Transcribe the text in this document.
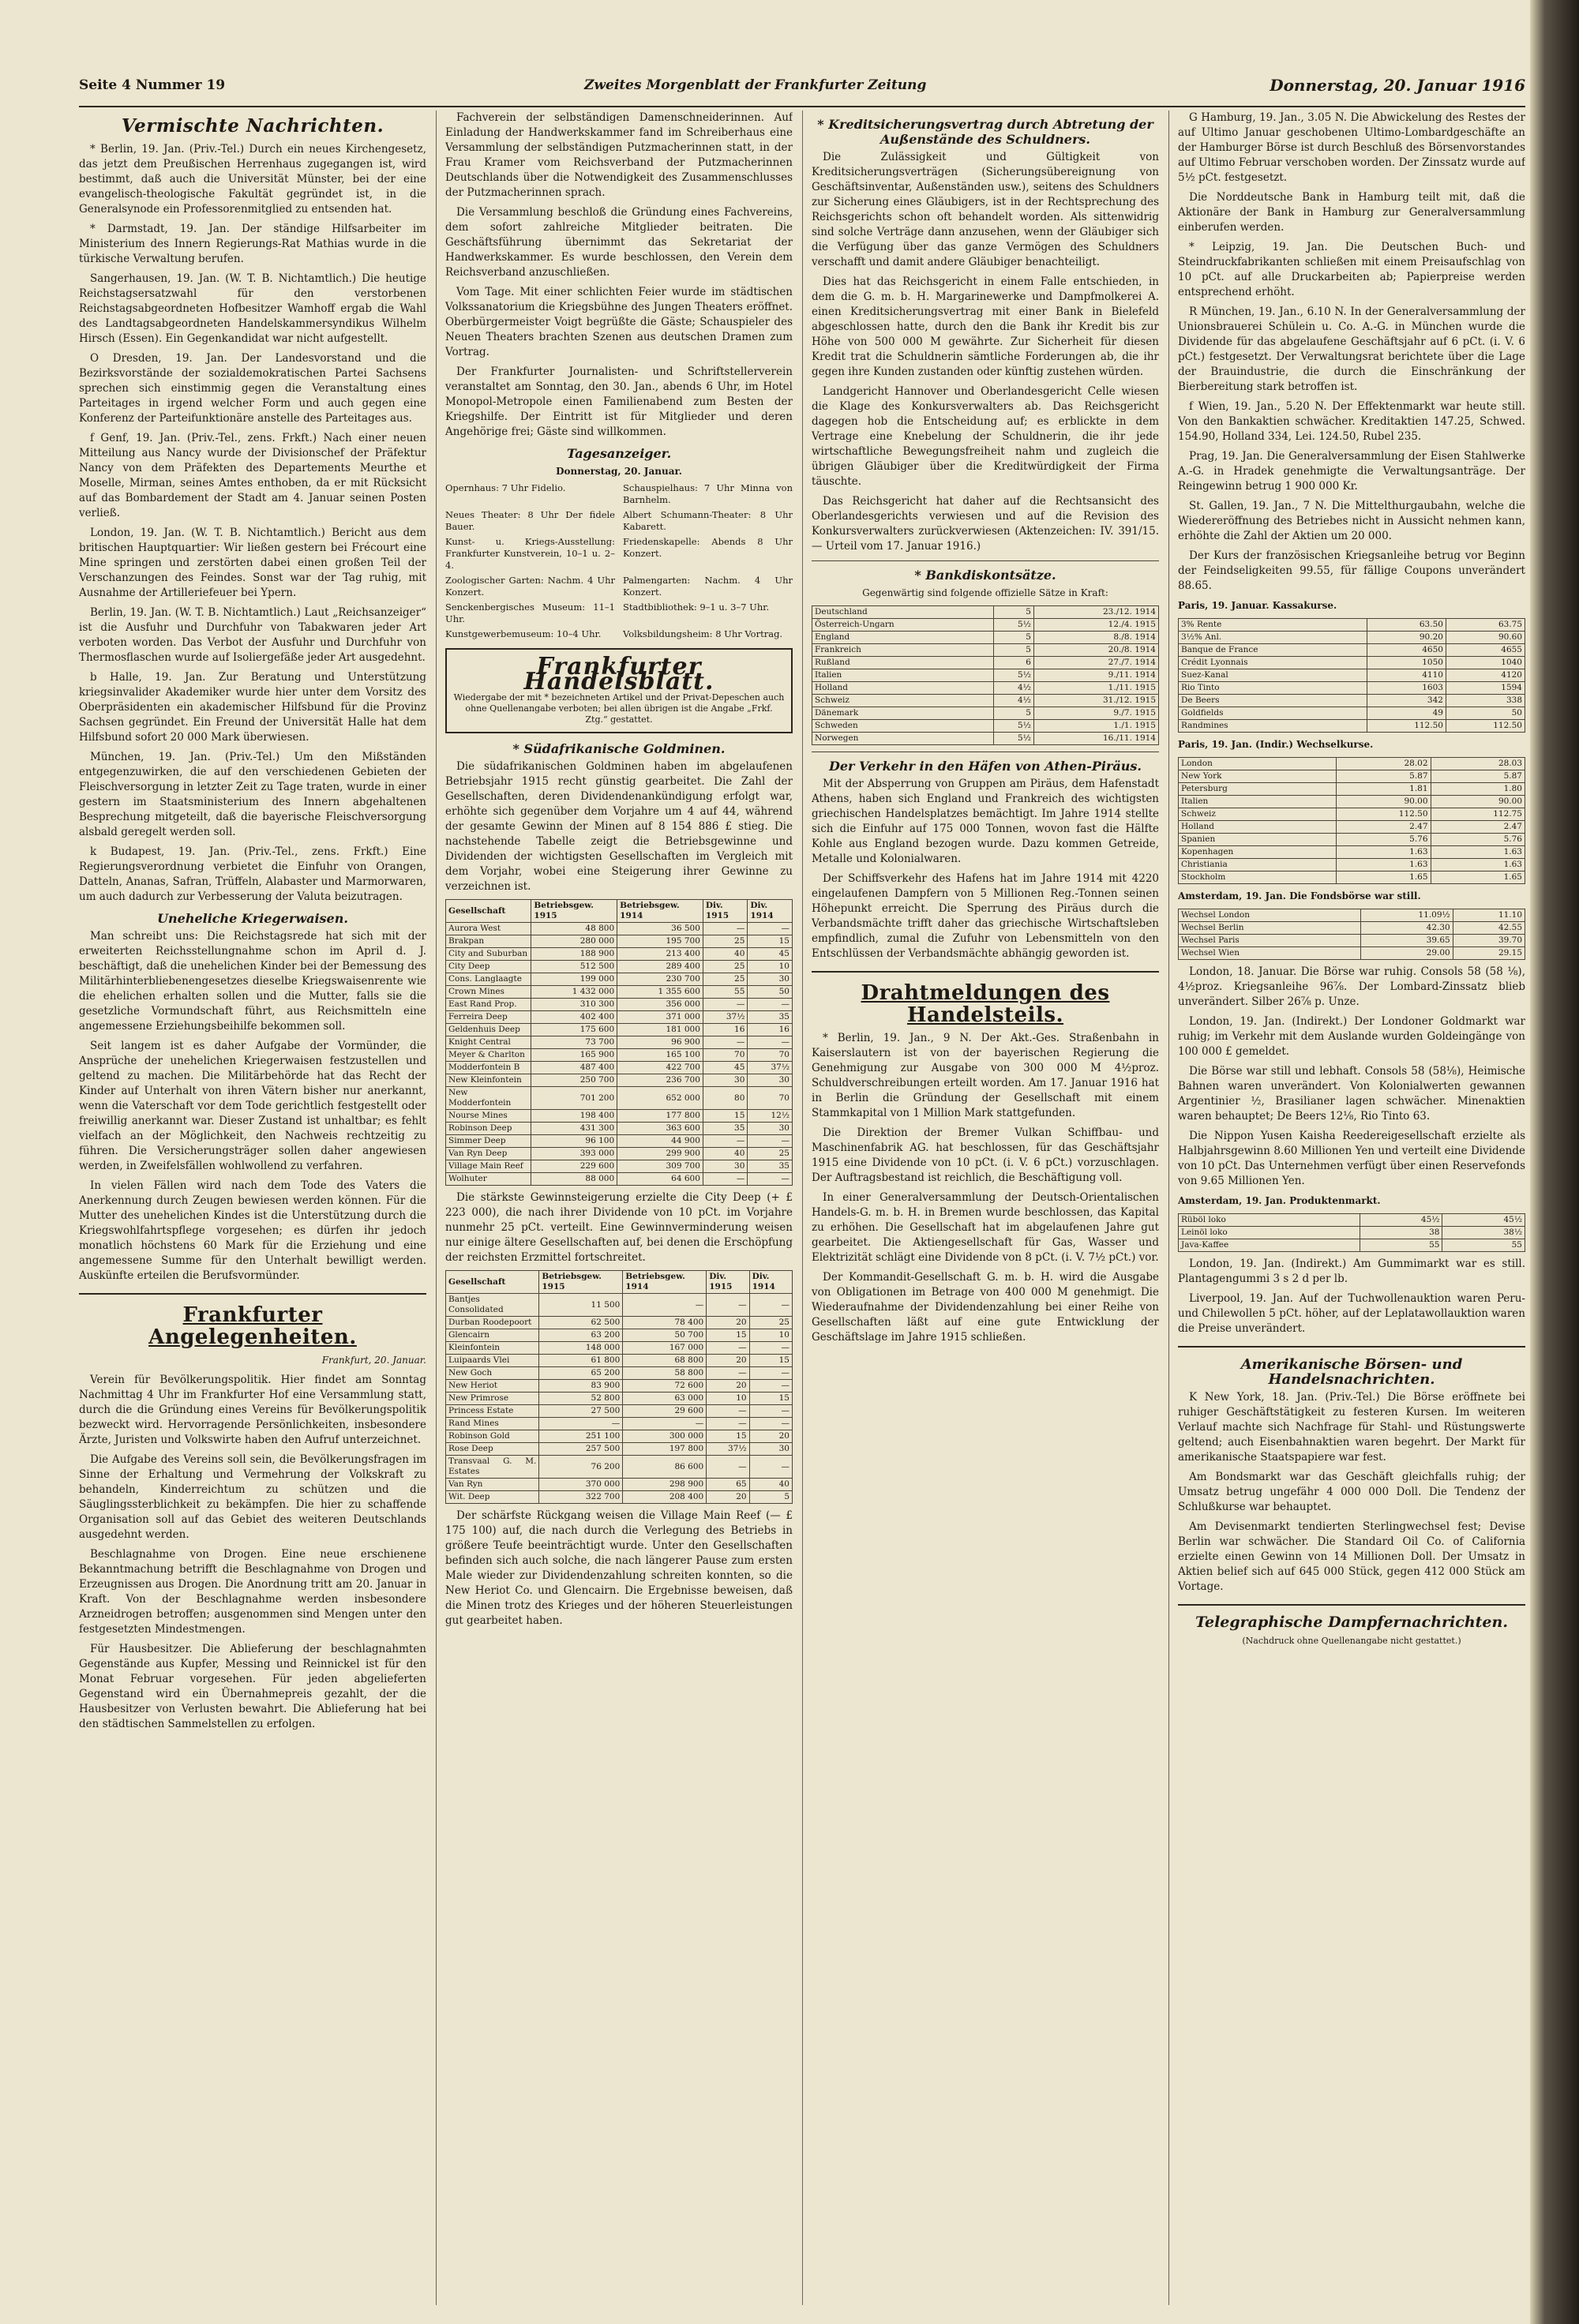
Seite 4 Nummer 19	Zweites Morgenblatt der Frankfurter Zeitung	Donnerstag, 20. Januar 1916
Vermischte Nachrichten.

* Berlin, 19. Jan. (Priv.-Tel.) Durch ein neues Kirchengesetz, das jetzt dem Preußischen Herrenhaus zugegangen ist, wird bestimmt, daß auch die Universität Münster, bei der eine evangelisch-theologische Fakultät gegründet ist, in die Generalsynode ein Professorenmitglied zu entsenden hat.

* Darmstadt, 19. Jan. Der ständige Hilfsarbeiter im Ministerium des Innern Regierungs-Rat Mathias wurde in die türkische Verwaltung berufen.

Sangerhausen, 19. Jan. (W. T. B. Nichtamtlich.) Die heutige Reichstagsersatzwahl für den verstorbenen Reichstagsabgeordneten Hofbesitzer Wamhoff ergab die Wahl des Landtagsabgeordneten Handelskammersyndikus Wilhelm Hirsch (Essen). Ein Gegenkandidat war nicht aufgestellt.

O Dresden, 19. Jan. Der Landesvorstand und die Bezirksvorstände der sozialdemokratischen Partei Sachsens sprechen sich einstimmig gegen die Veranstaltung eines Parteitages in irgend welcher Form und auch gegen eine Konferenz der Parteifunktionäre anstelle des Parteitages aus.

f Genf, 19. Jan. (Priv.-Tel., zens. Frkft.) Nach einer neuen Mitteilung aus Nancy wurde der Divisionschef der Präfektur Nancy von dem Präfekten des Departements Meurthe et Moselle, Mirman, seines Amtes enthoben, da er mit Rücksicht auf das Bombardement der Stadt am 4. Januar seinen Posten verließ.

London, 19. Jan. (W. T. B. Nichtamtlich.) Bericht aus dem britischen Hauptquartier: Wir ließen gestern bei Frécourt eine Mine springen und zerstörten dabei einen großen Teil der Verschanzungen des Feindes. Sonst war der Tag ruhig, mit Ausnahme der Artilleriefeuer bei Ypern.

Berlin, 19. Jan. (W. T. B. Nichtamtlich.) Laut „Reichsanzeiger“ ist die Ausfuhr und Durchfuhr von Tabakwaren jeder Art verboten worden. Das Verbot der Ausfuhr und Durchfuhr von Thermosflaschen wurde auf Isoliergefäße jeder Art ausgedehnt.

b Halle, 19. Jan. Zur Beratung und Unterstützung kriegsinvalider Akademiker wurde hier unter dem Vorsitz des Oberpräsidenten ein akademischer Hilfsbund für die Provinz Sachsen gegründet. Ein Freund der Universität Halle hat dem Hilfsbund sofort 20 000 Mark überwiesen.

München, 19. Jan. (Priv.-Tel.) Um den Mißständen entgegenzuwirken, die auf den verschiedenen Gebieten der Fleischversorgung in letzter Zeit zu Tage traten, wurde in einer gestern im Staatsministerium des Innern abgehaltenen Besprechung mitgeteilt, daß die bayerische Fleischversorgung alsbald geregelt werden soll.

k Budapest, 19. Jan. (Priv.-Tel., zens. Frkft.) Eine Regierungsverordnung verbietet die Einfuhr von Orangen, Datteln, Ananas, Safran, Trüffeln, Alabaster und Marmorwaren, um auch dadurch zur Verbesserung der Valuta beizutragen.

Uneheliche Kriegerwaisen.

Man schreibt uns: Die Reichstagsrede hat sich mit der erweiterten Reichsstellungnahme schon im April d. J. beschäftigt, daß die unehelichen Kinder bei der Bemessung des Militärhinterbliebenengesetzes dieselbe Kriegswaisenrente wie die ehelichen erhalten sollen und die Mutter, falls sie die gesetzliche Vormundschaft führt, aus Reichsmitteln eine angemessene Erziehungsbeihilfe bekommen soll.

Seit langem ist es daher Aufgabe der Vormünder, die Ansprüche der unehelichen Kriegerwaisen festzustellen und geltend zu machen. Die Militärbehörde hat das Recht der Kinder auf Unterhalt von ihren Vätern bisher nur anerkannt, wenn die Vaterschaft vor dem Tode gerichtlich festgestellt oder freiwillig anerkannt war. Dieser Zustand ist unhaltbar; es fehlt vielfach an der Möglichkeit, den Nachweis rechtzeitig zu führen. Die Versicherungsträger sollen daher angewiesen werden, in Zweifelsfällen wohlwollend zu verfahren.

In vielen Fällen wird nach dem Tode des Vaters die Anerkennung durch Zeugen bewiesen werden können. Für die Mutter des unehelichen Kindes ist die Unterstützung durch die Kriegswohlfahrtspflege vorgesehen; es dürfen ihr jedoch monatlich höchstens 60 Mark für die Erziehung und eine angemessene Summe für den Unterhalt bewilligt werden. Auskünfte erteilen die Berufsvormünder.

Frankfurter Angelegenheiten.
Frankfurt, 20. Januar.

Verein für Bevölkerungspolitik. Hier findet am Sonntag Nachmittag 4 Uhr im Frankfurter Hof eine Versammlung statt, durch die die Gründung eines Vereins für Bevölkerungspolitik bezweckt wird. Hervorragende Persönlichkeiten, insbesondere Ärzte, Juristen und Volkswirte haben den Aufruf unterzeichnet.

Die Aufgabe des Vereins soll sein, die Bevölkerungsfragen im Sinne der Erhaltung und Vermehrung der Volkskraft zu behandeln, Kinderreichtum zu schützen und die Säuglingssterblichkeit zu bekämpfen. Die hier zu schaffende Organisation soll auf das Gebiet des weiteren Deutschlands ausgedehnt werden.

Beschlagnahme von Drogen. Eine neue erschienene Bekanntmachung betrifft die Beschlagnahme von Drogen und Erzeugnissen aus Drogen. Die Anordnung tritt am 20. Januar in Kraft. Von der Beschlagnahme werden insbesondere Arzneidrogen betroffen; ausgenommen sind Mengen unter den festgesetzten Mindestmengen.

Für Hausbesitzer. Die Ablieferung der beschlagnahmten Gegenstände aus Kupfer, Messing und Reinnickel ist für den Monat Februar vorgesehen. Für jeden abgelieferten Gegenstand wird ein Übernahmepreis gezahlt, der die Hausbesitzer von Verlusten bewahrt. Die Ablieferung hat bei den städtischen Sammelstellen zu erfolgen.

Fachverein der selbständigen Damenschneiderinnen. Auf Einladung der Handwerkskammer fand im Schreiberhaus eine Versammlung der selbständigen Putzmacherinnen statt, in der Frau Kramer vom Reichsverband der Putzmacherinnen Deutschlands über die Notwendigkeit des Zusammenschlusses der Putzmacherinnen sprach.

Die Versammlung beschloß die Gründung eines Fachvereins, dem sofort zahlreiche Mitglieder beitraten. Die Geschäftsführung übernimmt das Sekretariat der Handwerkskammer. Es wurde beschlossen, den Verein dem Reichsverband anzuschließen.

Vom Tage. Mit einer schlichten Feier wurde im städtischen Volkssanatorium die Kriegsbühne des Jungen Theaters eröffnet. Oberbürgermeister Voigt begrüßte die Gäste; Schauspieler des Neuen Theaters brachten Szenen aus deutschen Dramen zum Vortrag.

Der Frankfurter Journalisten- und Schriftstellerverein veranstaltet am Sonntag, den 30. Jan., abends 6 Uhr, im Hotel Monopol-Metropole einen Familienabend zum Besten der Kriegshilfe. Der Eintritt ist für Mitglieder und deren Angehörige frei; Gäste sind willkommen.

Tagesanzeiger.
Donnerstag, 20. Januar.
Opernhaus: 7 Uhr Fidelio.	Schauspielhaus: 7 Uhr Minna von Barnhelm.
Neues Theater: 8 Uhr Der fidele Bauer.
Albert Schumann-Theater: 8 Uhr Kabarett.
Kunst- u. Kriegs-Ausstellung: Frankfurter Kunstverein, 10–1 u. 2–4.
Friedenskapelle: Abends 8 Uhr Konzert.
Zoologischer Garten: Nachm. 4 Uhr Konzert.
Palmengarten: Nachm. 4 Uhr Konzert.
Senckenbergisches Museum: 11–1 Uhr.
Stadtbibliothek: 9–1 u. 3–7 Uhr.
Kunstgewerbemuseum: 10–4 Uhr.	Volksbildungsheim: 8 Uhr Vortrag.
Frankfurter Handelsblatt.
Wiedergabe der mit * bezeichneten Artikel und der Privat-Depeschen auch ohne Quellenangabe verboten; bei allen übrigen ist die Angabe „Frkf. Ztg.“ gestattet.
* Südafrikanische Goldminen.

Die südafrikanischen Goldminen haben im abgelaufenen Betriebsjahr 1915 recht günstig gearbeitet. Die Zahl der Gesellschaften, deren Dividendenankündigung erfolgt war, erhöhte sich gegenüber dem Vorjahre um 4 auf 44, während der gesamte Gewinn der Minen auf 8 154 886 £ stieg. Die nachstehende Tabelle zeigt die Betriebsgewinne und Dividenden der wichtigsten Gesellschaften im Vergleich mit dem Vorjahr, wobei eine Steigerung ihrer Gewinne zu verzeichnen ist.

Gesellschaft	Betriebsgew. 1915	Betriebsgew. 1914	Div. 1915	Div. 1914
Aurora West	48 800	36 500	—	—
Brakpan	280 000	195 700	25	15
City and Suburban	188 900	213 400	40	45
City Deep	512 500	289 400	25	10
Cons. Langlaagte	199 000	230 700	25	30
Crown Mines	1 432 000	1 355 600	55	50
East Rand Prop.	310 300	356 000	—	—
Ferreira Deep	402 400	371 000	37½	35
Geldenhuis Deep	175 600	181 000	16	16
Knight Central	73 700	96 900	—	—
Meyer & Charlton	165 900	165 100	70	70
Modderfontein B	487 400	422 700	45	37½
New Kleinfontein	250 700	236 700	30	30
New Modderfontein	701 200	652 000	80	70
Nourse Mines	198 400	177 800	15	12½
Robinson Deep	431 300	363 600	35	30
Simmer Deep	96 100	44 900	—	—
Van Ryn Deep	393 000	299 900	40	25
Village Main Reef	229 600	309 700	30	35
Wolhuter	88 000	64 600	—	—

Die stärkste Gewinnsteigerung erzielte die City Deep (+ £ 223 000), die nach ihrer Dividende von 10 pCt. im Vorjahre nunmehr 25 pCt. verteilt. Eine Gewinnverminderung weisen nur einige ältere Gesellschaften auf, bei denen die Erschöpfung der reichsten Erzmittel fortschreitet.

Gesellschaft	Betriebsgew. 1915	Betriebsgew. 1914	Div. 1915	Div. 1914
Bantjes Consolidated	11 500	—	—	—
Durban Roodepoort	62 500	78 400	20	25
Glencairn	63 200	50 700	15	10
Kleinfontein	148 000	167 000	—	—
Luipaards Vlei	61 800	68 800	20	15
New Goch	65 200	58 800	—	—
New Heriot	83 900	72 600	20	—
New Primrose	52 800	63 000	10	15
Princess Estate	27 500	29 600	—	—
Rand Mines	—	—	—	—
Robinson Gold	251 100	300 000	15	20
Rose Deep	257 500	197 800	37½	30
Transvaal G. M. Estates	76 200	86 600	—	—
Van Ryn	370 000	298 900	65	40
Wit. Deep	322 700	208 400	20	5

Der schärfste Rückgang weisen die Village Main Reef (— £ 175 100) auf, die nach durch die Verlegung des Betriebs in größere Teufe beeinträchtigt wurde. Unter den Gesellschaften befinden sich auch solche, die nach längerer Pause zum ersten Male wieder zur Dividendenzahlung schreiten konnten, so die New Heriot Co. und Glencairn. Die Ergebnisse beweisen, daß die Minen trotz des Krieges und der höheren Steuerleistungen gut gearbeitet haben.

* Kreditsicherungsvertrag durch Abtretung der Außenstände des Schuldners.

Die Zulässigkeit und Gültigkeit von Kreditsicherungsverträgen (Sicherungsübereignung von Geschäftsinventar, Außenständen usw.), seitens des Schuldners zur Sicherung eines Gläubigers, ist in der Rechtsprechung des Reichsgerichts schon oft behandelt worden. Als sittenwidrig sind solche Verträge dann anzusehen, wenn der Gläubiger sich die Verfügung über das ganze Vermögen des Schuldners verschafft und damit andere Gläubiger benachteiligt.

Dies hat das Reichsgericht in einem Falle entschieden, in dem die G. m. b. H. Margarinewerke und Dampfmolkerei A. einen Kreditsicherungsvertrag mit einer Bank in Bielefeld abgeschlossen hatte, durch den die Bank ihr Kredit bis zur Höhe von 500 000 M gewährte. Zur Sicherheit für diesen Kredit trat die Schuldnerin sämtliche Forderungen ab, die ihr gegen ihre Kunden zustanden oder künftig zustehen würden.

Landgericht Hannover und Oberlandesgericht Celle wiesen die Klage des Konkursverwalters ab. Das Reichsgericht dagegen hob die Entscheidung auf; es erblickte in dem Vertrage eine Knebelung der Schuldnerin, die ihr jede wirtschaftliche Bewegungsfreiheit nahm und zugleich die übrigen Gläubiger über die Kreditwürdigkeit der Firma täuschte.

Das Reichsgericht hat daher auf die Rechtsansicht des Oberlandesgerichts verwiesen und auf die Revision des Konkursverwalters zurückverwiesen (Aktenzeichen: IV. 391/15. — Urteil vom 17. Januar 1916.)

* Bankdiskontsätze.
Gegenwärtig sind folgende offizielle Sätze in Kraft:
Deutschland	5	23./12. 1914
Österreich-Ungarn	5½	12./4. 1915
England	5	8./8. 1914
Frankreich	5	20./8. 1914
Rußland	6	27./7. 1914
Italien	5½	9./11. 1914
Holland	4½	1./11. 1915
Schweiz	4½	31./12. 1915
Dänemark	5	9./7. 1915
Schweden	5½	1./1. 1915
Norwegen	5½	16./11. 1914
Der Verkehr in den Häfen von Athen-Piräus.

Mit der Absperrung von Gruppen am Piräus, dem Hafenstadt Athens, haben sich England und Frankreich des wichtigsten griechischen Handelsplatzes bemächtigt. Im Jahre 1914 stellte sich die Einfuhr auf 175 000 Tonnen, wovon fast die Hälfte Kohle aus England bezogen wurde. Dazu kommen Getreide, Metalle und Kolonialwaren.

Der Schiffsverkehr des Hafens hat im Jahre 1914 mit 4220 eingelaufenen Dampfern von 5 Millionen Reg.-Tonnen seinen Höhepunkt erreicht. Die Sperrung des Piräus durch die Verbandsmächte trifft daher das griechische Wirtschaftsleben empfindlich, zumal die Zufuhr von Lebensmitteln von den Entschlüssen der Verbandsmächte abhängig geworden ist.

Drahtmeldungen des Handelsteils.

* Berlin, 19. Jan., 9 N. Der Akt.-Ges. Straßenbahn in Kaiserslautern ist von der bayerischen Regierung die Genehmigung zur Ausgabe von 300 000 M 4½proz. Schuldverschreibungen erteilt worden. Am 17. Januar 1916 hat in Berlin die Gründung der Gesellschaft mit einem Stammkapital von 1 Million Mark stattgefunden.

Die Direktion der Bremer Vulkan Schiffbau- und Maschinenfabrik AG. hat beschlossen, für das Geschäftsjahr 1915 eine Dividende von 10 pCt. (i. V. 6 pCt.) vorzuschlagen. Der Auftragsbestand ist reichlich, die Beschäftigung voll.

In einer Generalversammlung der Deutsch-Orientalischen Handels-G. m. b. H. in Bremen wurde beschlossen, das Kapital zu erhöhen. Die Gesellschaft hat im abgelaufenen Jahre gut gearbeitet. Die Aktiengesellschaft für Gas, Wasser und Elektrizität schlägt eine Dividende von 8 pCt. (i. V. 7½ pCt.) vor.

Der Kommandit-Gesellschaft G. m. b. H. wird die Ausgabe von Obligationen im Betrage von 400 000 M genehmigt. Die Wiederaufnahme der Dividendenzahlung bei einer Reihe von Gesellschaften läßt auf eine gute Entwicklung der Geschäftslage im Jahre 1915 schließen.

G Hamburg, 19. Jan., 3.05 N. Die Abwickelung des Restes der auf Ultimo Januar geschobenen Ultimo-Lombardgeschäfte an der Hamburger Börse ist durch Beschluß des Börsenvorstandes auf Ultimo Februar verschoben worden. Der Zinssatz wurde auf 5½ pCt. festgesetzt.

Die Norddeutsche Bank in Hamburg teilt mit, daß die Aktionäre der Bank in Hamburg zur Generalversammlung einberufen werden.

* Leipzig, 19. Jan. Die Deutschen Buch- und Steindruckfabrikanten schließen mit einem Preisaufschlag von 10 pCt. auf alle Druckarbeiten ab; Papierpreise werden entsprechend erhöht.

R München, 19. Jan., 6.10 N. In der Generalversammlung der Unionsbrauerei Schülein u. Co. A.-G. in München wurde die Dividende für das abgelaufene Geschäftsjahr auf 6 pCt. (i. V. 6 pCt.) festgesetzt. Der Verwaltungsrat berichtete über die Lage der Brauindustrie, die durch die Einschränkung der Bierbereitung stark betroffen ist.

f Wien, 19. Jan., 5.20 N. Der Effektenmarkt war heute still. Von den Bankaktien schwächer. Kreditaktien 147.25, Schwed. 154.90, Holland 334, Lei. 124.50, Rubel 235.

Prag, 19. Jan. Die Generalversammlung der Eisen Stahlwerke A.-G. in Hradek genehmigte die Verwaltungsanträge. Der Reingewinn betrug 1 900 000 Kr.

St. Gallen, 19. Jan., 7 N. Die Mittelthurgaubahn, welche die Wiedereröffnung des Betriebes nicht in Aussicht nehmen kann, erhöhte die Zahl der Aktien um 20 000.

Der Kurs der französischen Kriegsanleihe betrug vor Beginn der Feindseligkeiten 99.55, für fällige Coupons unverändert 88.65.

Paris, 19. Januar. Kassakurse.
3% Rente	63.50	63.75
3½% Anl.	90.20	90.60
Banque de France	4650	4655
Crédit Lyonnais	1050	1040
Suez-Kanal	4110	4120
Rio Tinto	1603	1594
De Beers	342	338
Goldfields	49	50
Randmines	112.50	112.50
Paris, 19. Jan. (Indir.) Wechselkurse.
London	28.02	28.03
New York	5.87	5.87
Petersburg	1.81	1.80
Italien	90.00	90.00
Schweiz	112.50	112.75
Holland	2.47	2.47
Spanien	5.76	5.76
Kopenhagen	1.63	1.63
Christiania	1.63	1.63
Stockholm	1.65	1.65
Amsterdam, 19. Jan. Die Fondsbörse war still.
Wechsel London	11.09½	11.10
Wechsel Berlin	42.30	42.55
Wechsel Paris	39.65	39.70
Wechsel Wien	29.00	29.15

London, 18. Januar. Die Börse war ruhig. Consols 58 (58 ⅛), 4½proz. Kriegsanleihe 96⅞. Der Lombard-Zinssatz blieb unverändert. Silber 26⅞ p. Unze.

London, 19. Jan. (Indirekt.) Der Londoner Goldmarkt war ruhig; im Verkehr mit dem Auslande wurden Goldeingänge von 100 000 £ gemeldet.

Die Börse war still und lebhaft. Consols 58 (58⅛), Heimische Bahnen waren unverändert. Von Kolonialwerten gewannen Argentinier ½, Brasilianer lagen schwächer. Minenaktien waren behauptet; De Beers 12⅛, Rio Tinto 63.

Die Nippon Yusen Kaisha Reedereigesellschaft erzielte als Halbjahrsgewinn 8.60 Millionen Yen und verteilt eine Dividende von 10 pCt. Das Unternehmen verfügt über einen Reservefonds von 9.65 Millionen Yen.

Amsterdam, 19. Jan. Produktenmarkt.
Rüböl loko	45½	45½
Leinöl loko	38	38½
Java-Kaffee	55	55

London, 19. Jan. (Indirekt.) Am Gummimarkt war es still. Plantagengummi 3 s 2 d per lb.

Liverpool, 19. Jan. Auf der Tuchwollenauktion waren Peru- und Chilewollen 5 pCt. höher, auf der Leplatawollauktion waren die Preise unverändert.

Amerikanische Börsen- und Handelsnachrichten.

K New York, 18. Jan. (Priv.-Tel.) Die Börse eröffnete bei ruhiger Geschäftstätigkeit zu festeren Kursen. Im weiteren Verlauf machte sich Nachfrage für Stahl- und Rüstungswerte geltend; auch Eisenbahnaktien waren begehrt. Der Markt für amerikanische Staatspapiere war fest.

Am Bondsmarkt war das Geschäft gleichfalls ruhig; der Umsatz betrug ungefähr 4 000 000 Doll. Die Tendenz der Schlußkurse war behauptet.

Am Devisenmarkt tendierten Sterlingwechsel fest; Devise Berlin war schwächer. Die Standard Oil Co. of California erzielte einen Gewinn von 14 Millionen Doll. Der Umsatz in Aktien belief sich auf 645 000 Stück, gegen 412 000 Stück am Vortage.

Telegraphische Dampfernachrichten.
(Nachdruck ohne Quellenangabe nicht gestattet.)
